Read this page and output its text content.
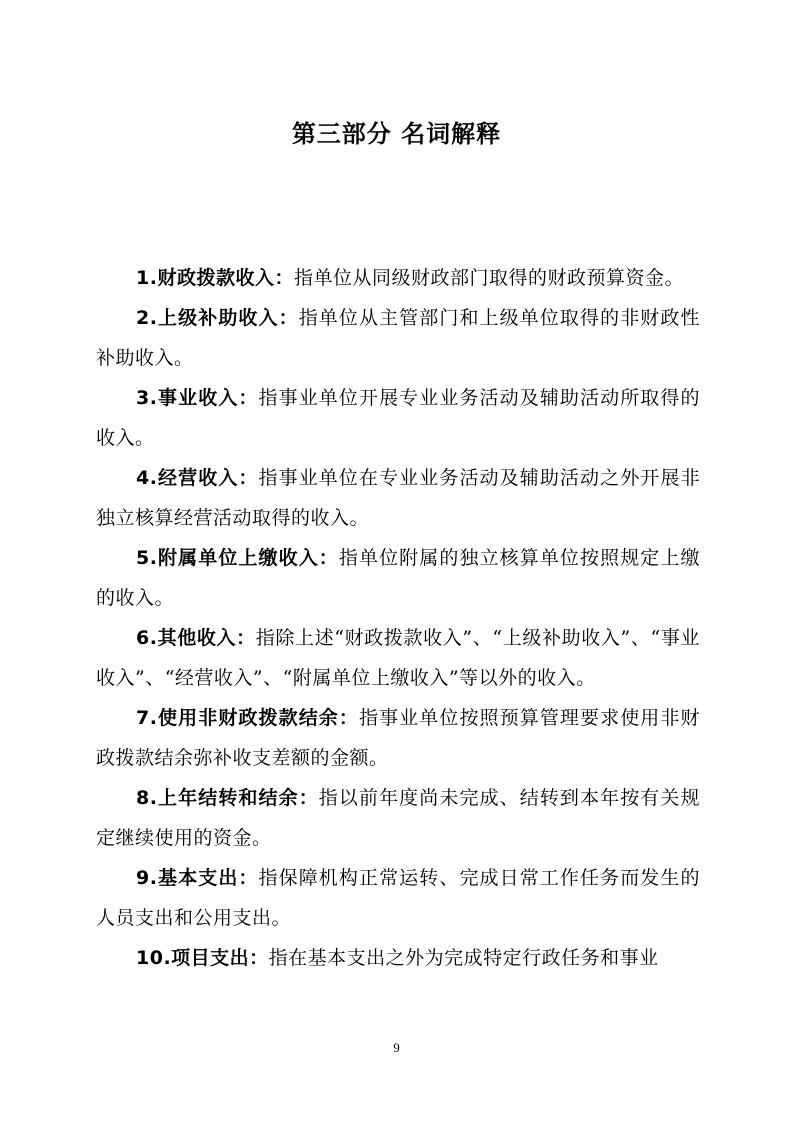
第三部分 名词解释

1.财政拨款收入：指单位从同级财政部门取得的财政预算资金。

2.上级补助收入：指单位从主管部门和上级单位取得的非财政性补助收入。

3.事业收入：指事业单位开展专业业务活动及辅助活动所取得的收入。

4.经营收入：指事业单位在专业业务活动及辅助活动之外开展非独立核算经营活动取得的收入。

5.附属单位上缴收入：指单位附属的独立核算单位按照规定上缴的收入。

6.其他收入：指除上述“财政拨款收入”、“上级补助收入”、“事业收入”、“经营收入”、“附属单位上缴收入”等以外的收入。

7.使用非财政拨款结余：指事业单位按照预算管理要求使用非财政拨款结余弥补收支差额的金额。

8.上年结转和结余：指以前年度尚未完成、结转到本年按有关规定继续使用的资金。

9.基本支出：指保障机构正常运转、完成日常工作任务而发生的人员支出和公用支出。

10.项目支出：指在基本支出之外为完成特定行政任务和事业

9
